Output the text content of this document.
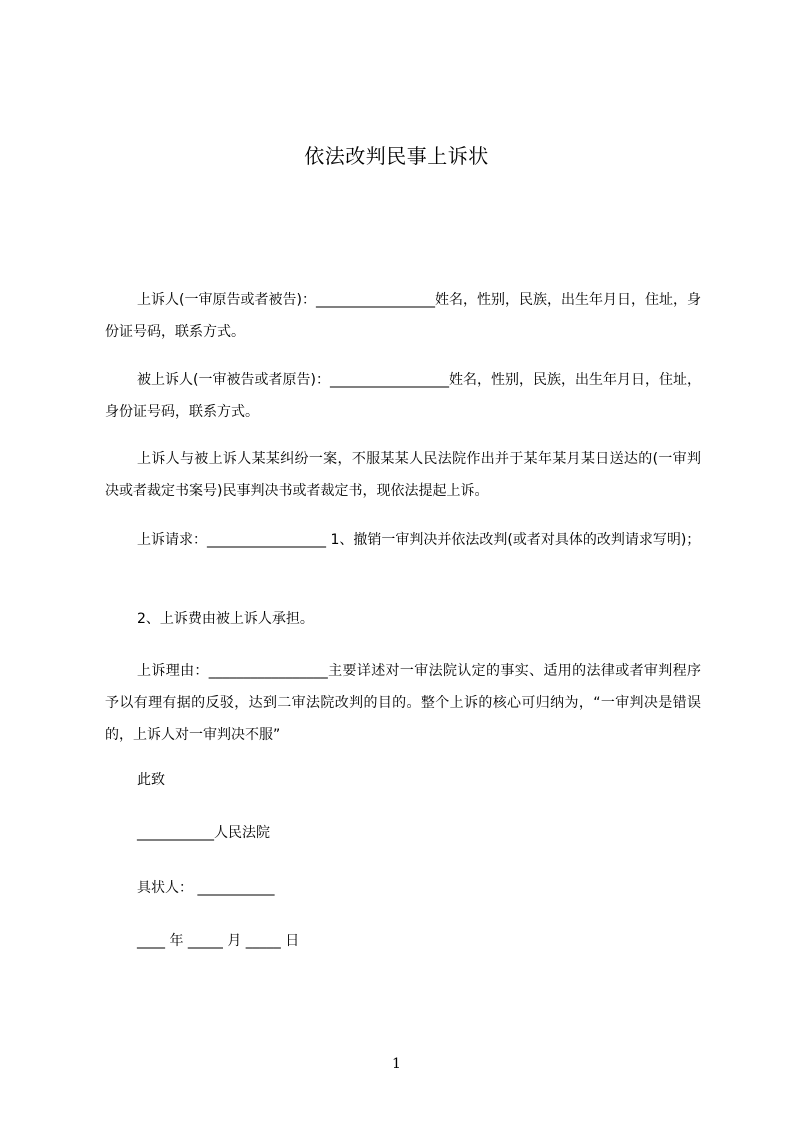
依法改判民事上诉状
上诉人(一审原告或者被告)：_________________姓名，性别，民族，出生年月日，住址，身份证号码，联系方式。
被上诉人(一审被告或者原告)：_________________姓名，性别，民族，出生年月日，住址，身份证号码，联系方式。
上诉人与被上诉人某某纠纷一案，不服某某人民法院作出并于某年某月某日送达的(一审判决或者裁定书案号)民事判决书或者裁定书，现依法提起上诉。
上诉请求：_________________ 1、撤销一审判决并依法改判(或者对具体的改判请求写明)；
2、上诉费由被上诉人承担。
上诉理由：_________________主要详述对一审法院认定的事实、适用的法律或者审判程序予以有理有据的反驳，达到二审法院改判的目的。整个上诉的核心可归纳为，“一审判决是错误的，上诉人对一审判决不服”
此致
___________人民法院
具状人： ___________
____ 年 _____ 月 _____ 日
1
